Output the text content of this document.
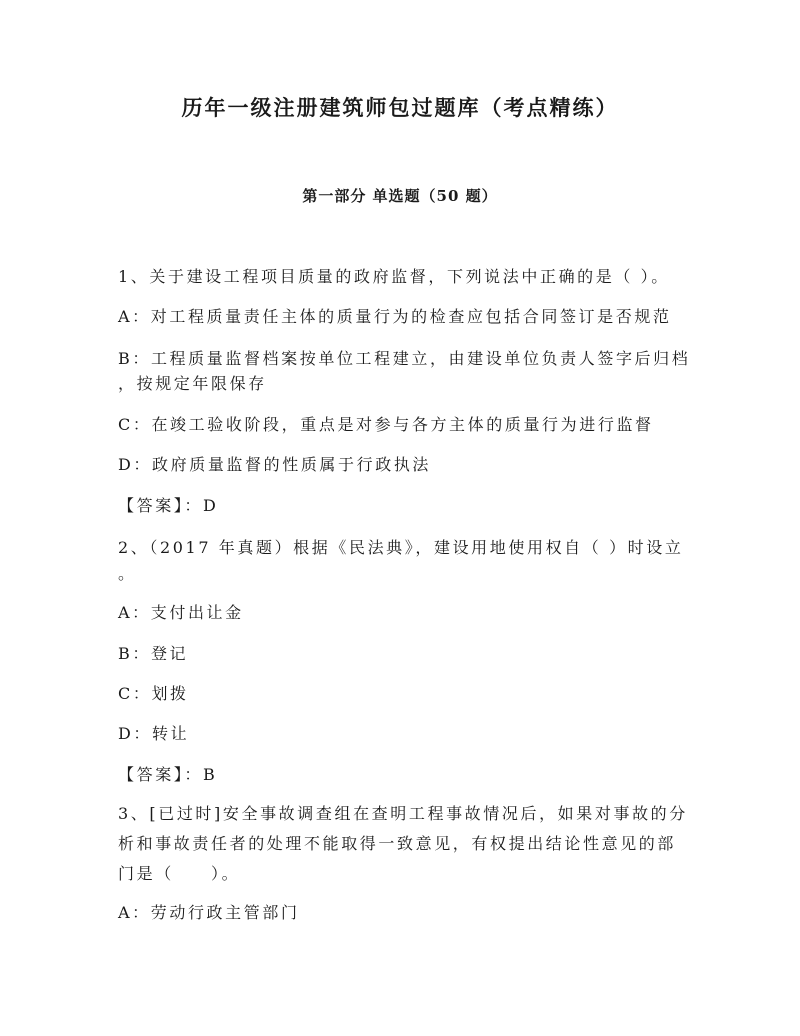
历年一级注册建筑师包过题库（考点精练）
第一部分 单选题（50 题）
1、关于建设工程项目质量的政府监督，下列说法中正确的是（ ）。
A：对工程质量责任主体的质量行为的检查应包括合同签订是否规范
B：工程质量监督档案按单位工程建立，由建设单位负责人签字后归档
，按规定年限保存
C：在竣工验收阶段，重点是对参与各方主体的质量行为进行监督
D：政府质量监督的性质属于行政执法
【答案】：D
2、（2017 年真题）根据《民法典》，建设用地使用权自（ ）时设立
。
A：支付出让金
B：登记
C：划拨
D：转让
【答案】：B
3、[已过时]安全事故调查组在查明工程事故情况后，如果对事故的分
析和事故责任者的处理不能取得一致意见，有权提出结论性意见的部
门是（　　）。
A：劳动行政主管部门
